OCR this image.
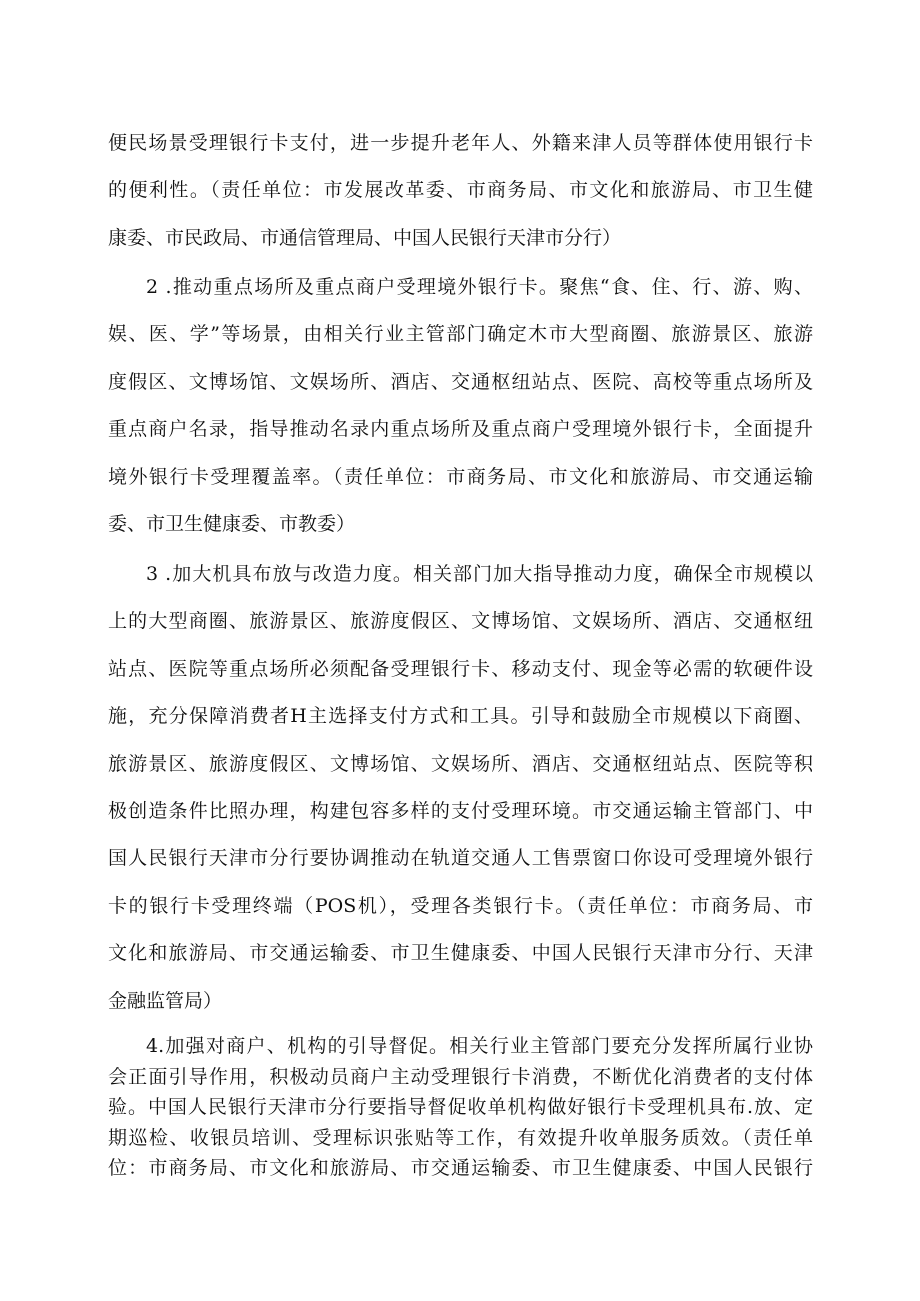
便民场景受理银行卡支付，进一步提升老年人、外籍来津人员等群体使用银行卡
的便利性。（责任单位：市发展改革委、市商务局、市文化和旅游局、市卫生健
康委、市民政局、市通信管理局、中国人民银行天津市分行）

2 .推动重点场所及重点商户受理境外银行卡。聚焦“食、住、行、游、购、
娱、医、学”等场景，由相关行业主管部门确定木市大型商圈、旅游景区、旅游
度假区、文博场馆、文娱场所、酒店、交通枢纽站点、医院、高校等重点场所及
重点商户名录，指导推动名录内重点场所及重点商户受理境外银行卡，全面提升
境外银行卡受理覆盖率。（责任单位：市商务局、市文化和旅游局、市交通运输
委、市卫生健康委、市教委）

3 .加大机具布放与改造力度。相关部门加大指导推动力度，确保全市规模以
上的大型商圈、旅游景区、旅游度假区、文博场馆、文娱场所、酒店、交通枢纽
站点、医院等重点场所必须配备受理银行卡、移动支付、现金等必需的软硬件设
施，充分保障消费者H主选择支付方式和工具。引导和鼓励全市规模以下商圈、
旅游景区、旅游度假区、文博场馆、文娱场所、酒店、交通枢纽站点、医院等积
极创造条件比照办理，构建包容多样的支付受理环境。市交通运输主管部门、中
国人民银行天津市分行要协调推动在轨道交通人工售票窗口你设可受理境外银行
卡的银行卡受理终端（POS机），受理各类银行卡。（责任单位：市商务局、市
文化和旅游局、市交通运输委、市卫生健康委、中国人民银行天津市分行、天津
金融监管局）

4.加强对商户、机构的引导督促。相关行业主管部门要充分发挥所属行业协
会正面引导作用，积极动员商户主动受理银行卡消费，不断优化消费者的支付体
验。中国人民银行天津市分行要指导督促收单机构做好银行卡受理机具布.放、定
期巡检、收银员培训、受理标识张贴等工作，有效提升收单服务质效。（责任单
位：市商务局、市文化和旅游局、市交通运输委、市卫生健康委、中国人民银行
